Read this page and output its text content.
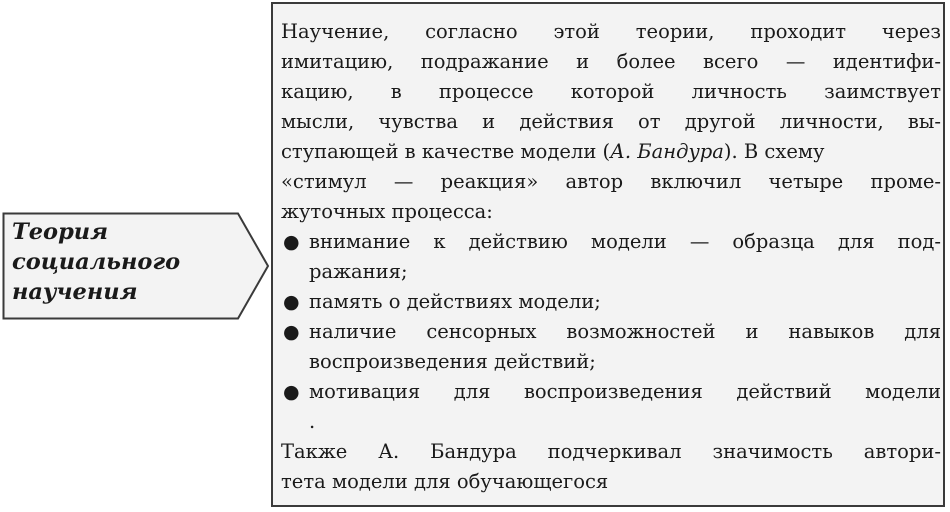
Теория
социального
научения
Научение, согласно этой теории, проходит через
имитацию, подражание и более всего — идентифи-
кацию, в процессе которой личность заимствует
мысли, чувства и действия от другой личности, вы-
ступающей в качестве модели (А. Бандура). В схему
«стимул — реакция» автор включил четыре проме-
жуточных процесса:
● внимание к действию модели — образца для под-
ражания;
● память о действиях модели;
● наличие сенсорных возможностей и навыков для
воспроизведения действий;
● мотивация для воспроизведения действий модели
.
Также А. Бандура подчеркивал значимость автори-
тета модели для обучающегося
